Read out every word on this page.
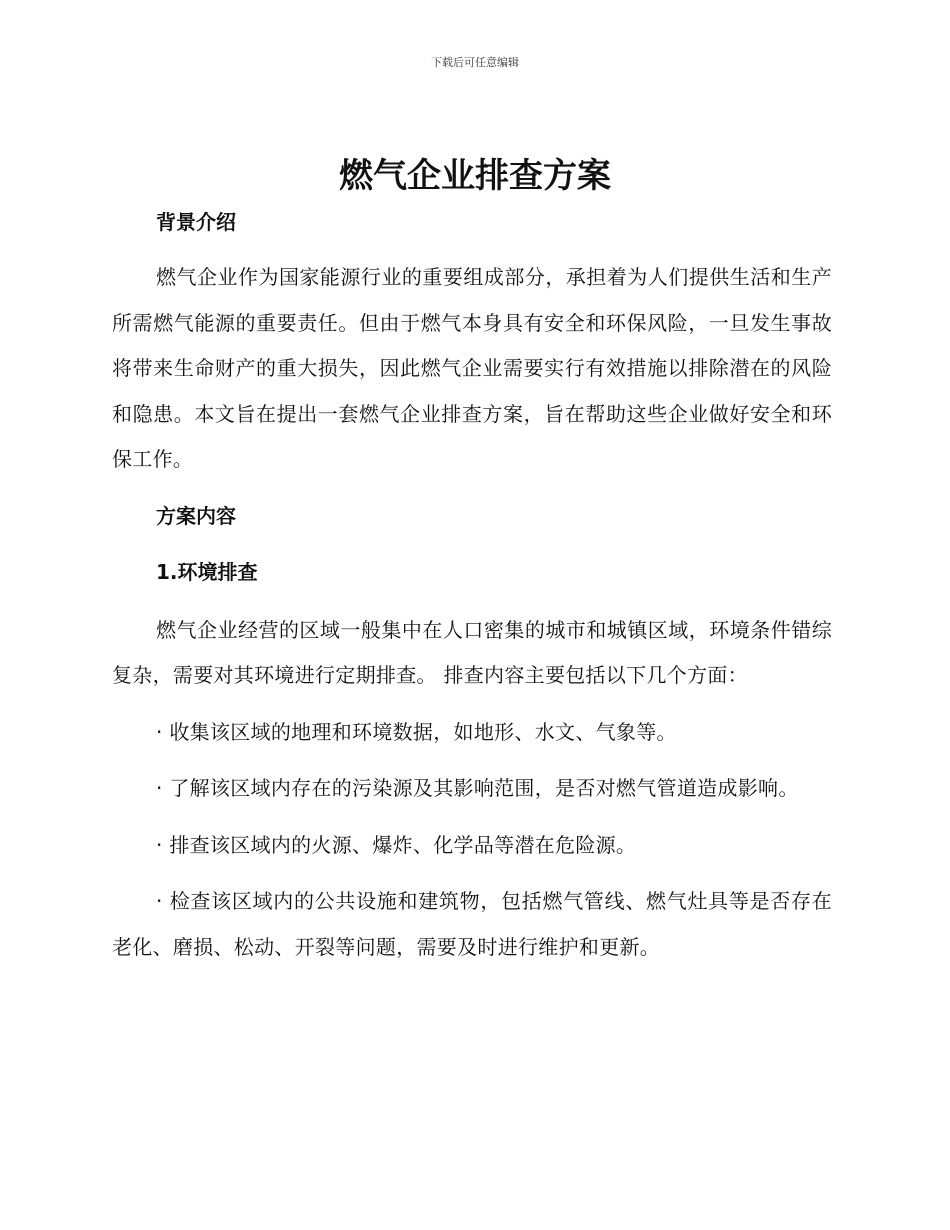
下载后可任意编辑
燃气企业排查方案

背景介绍

燃气企业作为国家能源行业的重要组成部分，承担着为人们提供生活和生产所需燃气能源的重要责任。但由于燃气本身具有安全和环保风险，一旦发生事故将带来生命财产的重大损失，因此燃气企业需要实行有效措施以排除潜在的风险和隐患。本文旨在提出一套燃气企业排查方案，旨在帮助这些企业做好安全和环保工作。

方案内容

1.环境排查

燃气企业经营的区域一般集中在人口密集的城市和城镇区域，环境条件错综复杂，需要对其环境进行定期排查。 排查内容主要包括以下几个方面：

· 收集该区域的地理和环境数据，如地形、水文、气象等。

· 了解该区域内存在的污染源及其影响范围，是否对燃气管道造成影响。

· 排查该区域内的火源、爆炸、化学品等潜在危险源。

· 检查该区域内的公共设施和建筑物，包括燃气管线、燃气灶具等是否存在老化、磨损、松动、开裂等问题，需要及时进行维护和更新。
